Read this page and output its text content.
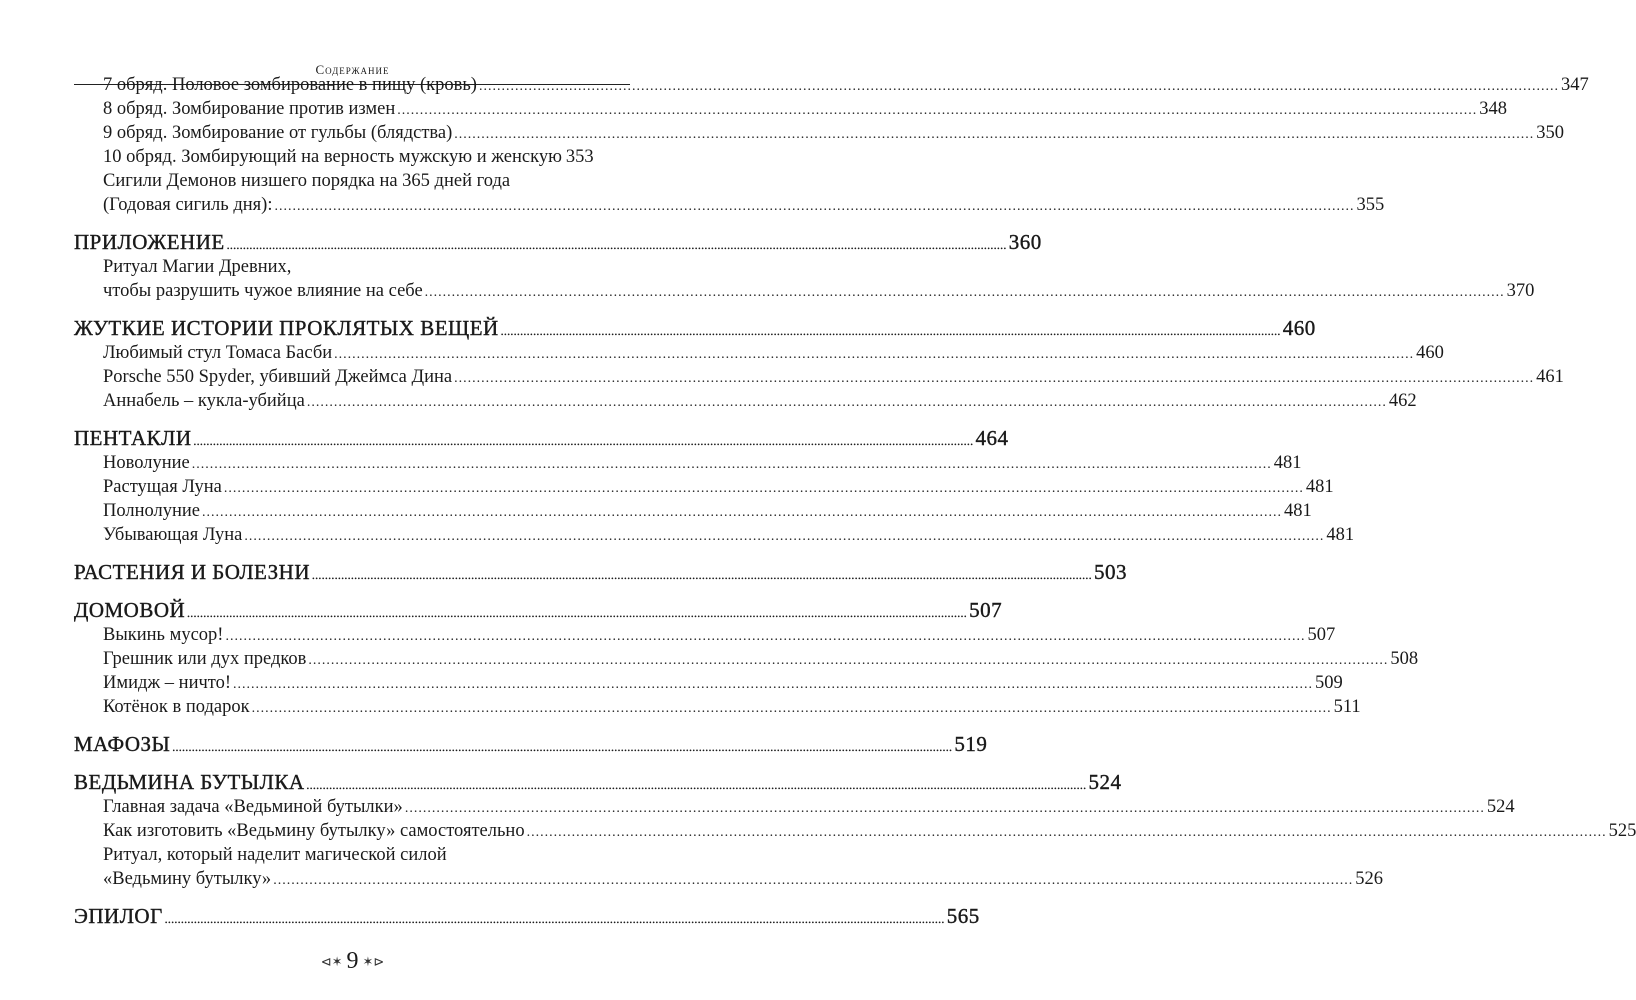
Содержание
7 обряд. Половое зомбирование в пищу (кровь) .....	347
8 обряд. Зомбирование против измен .....	348
9 обряд. Зомбирование от гульбы (блядства) .....	350
10 обряд. Зомбирующий на верность мужскую и женскую 353
Сигили Демонов низшего порядка на 365 дней года
(Годовая сигиль дня): .....	355
ПРИЛОЖЕНИЕ .....	360
Ритуал Магии Древних,
чтобы разрушить чужое влияние на себе .....	370
ЖУТКИЕ ИСТОРИИ ПРОКЛЯТЫХ ВЕЩЕЙ .....	460
Любимый стул Томаса Басби .....	460
Porsche 550 Spyder, убивший Джеймса Дина .....	461
Аннабель – кукла-убийца .....	462
ПЕНТАКЛИ .....	464
Новолуние .....	481
Растущая Луна .....	481
Полнолуние .....	481
Убывающая Луна .....	481
РАСТЕНИЯ И БОЛЕЗНИ .....	503
ДОМОВОЙ .....	507
Выкинь мусор! .....	507
Грешник или дух предков .....	508
Имидж – ничто! .....	509
Котёнок в подарок .....	511
МАФОЗЫ .....	519
ВЕДЬМИНА БУТЫЛКА .....	524
Главная задача «Ведьминой бутылки» .....	524
Как изготовить «Ведьмину бутылку» самостоятельно .....	525
Ритуал, который наделит магической силой
«Ведьмину бутылку» .....	526
ЭПИЛОГ .....	565
⊲✶ 9 ✶⊳
